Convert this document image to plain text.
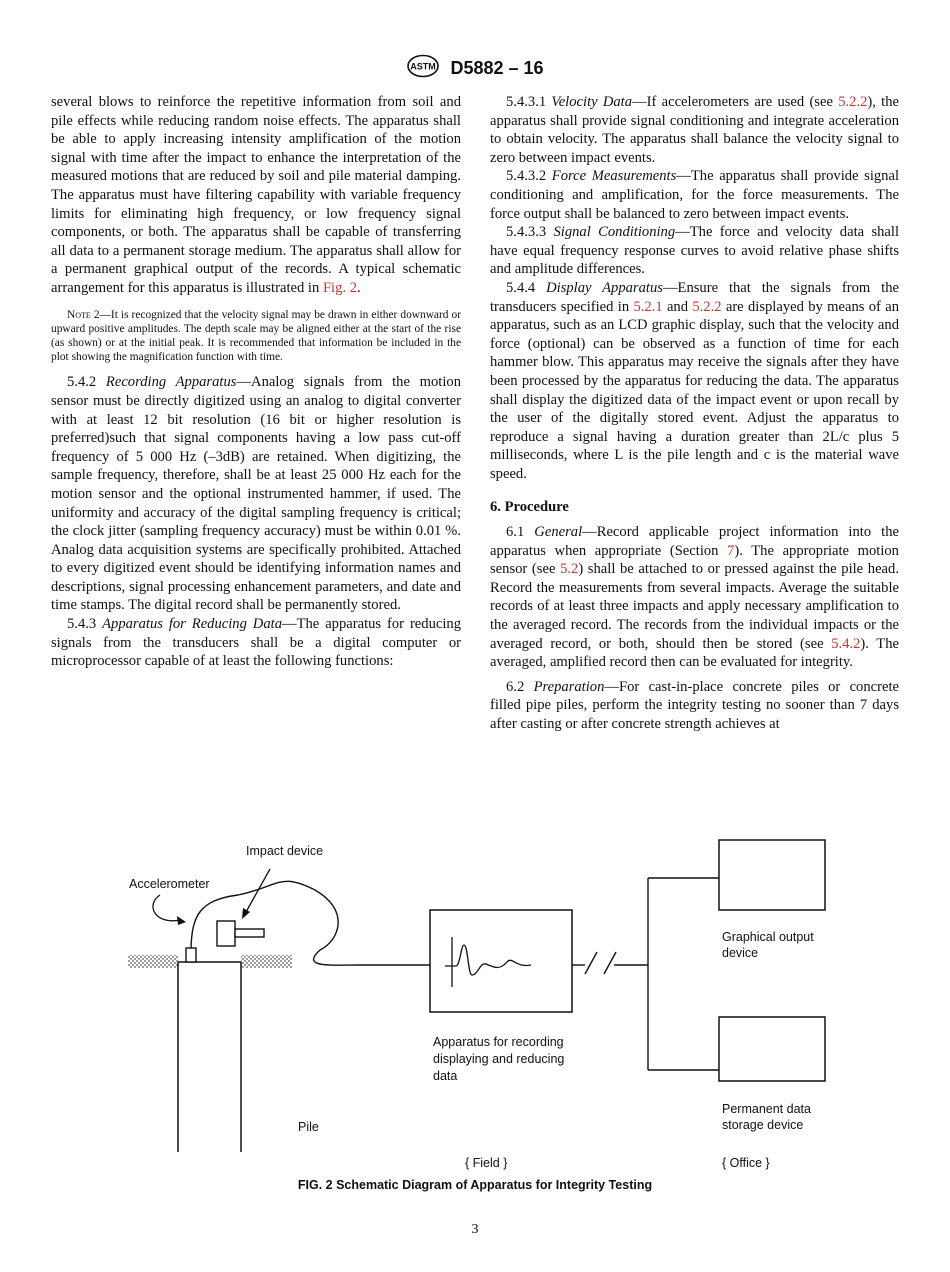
ASTM D5882 – 16

several blows to reinforce the repetitive information from soil and pile effects while reducing random noise effects. The apparatus shall be able to apply increasing intensity amplification of the motion signal with time after the impact to enhance the interpretation of the measured motions that are reduced by soil and pile material damping. The apparatus must have filtering capability with variable frequency limits for eliminating high frequency, or low frequency signal components, or both. The apparatus shall be capable of transferring all data to a permanent storage medium. The apparatus shall allow for a permanent graphical output of the records. A typical schematic arrangement for this apparatus is illustrated in Fig. 2.

Note 2—It is recognized that the velocity signal may be drawn in either downward or upward positive amplitudes. The depth scale may be aligned either at the start of the rise (as shown) or at the initial peak. It is recommended that information be included in the plot showing the magnification function with time.

5.4.2 Recording Apparatus—Analog signals from the motion sensor must be directly digitized using an analog to digital converter with at least 12 bit resolution (16 bit or higher resolution is preferred)such that signal components having a low pass cut-off frequency of 5 000 Hz (–3dB) are retained. When digitizing, the sample frequency, therefore, shall be at least 25 000 Hz each for the motion sensor and the optional instrumented hammer, if used. The uniformity and accuracy of the digital sampling frequency is critical; the clock jitter (sampling frequency accuracy) must be within 0.01 %. Analog data acquisition systems are specifically prohibited. Attached to every digitized event should be identifying information names and descriptions, signal processing enhancement parameters, and date and time stamps. The digital record shall be permanently stored.

5.4.3 Apparatus for Reducing Data—The apparatus for reducing signals from the transducers shall be a digital computer or microprocessor capable of at least the following functions:

5.4.3.1 Velocity Data—If accelerometers are used (see 5.2.2), the apparatus shall provide signal conditioning and integrate acceleration to obtain velocity. The apparatus shall balance the velocity signal to zero between impact events.

5.4.3.2 Force Measurements—The apparatus shall provide signal conditioning and amplification, for the force measurements. The force output shall be balanced to zero between impact events.

5.4.3.3 Signal Conditioning—The force and velocity data shall have equal frequency response curves to avoid relative phase shifts and amplitude differences.

5.4.4 Display Apparatus—Ensure that the signals from the transducers specified in 5.2.1 and 5.2.2 are displayed by means of an apparatus, such as an LCD graphic display, such that the velocity and force (optional) can be observed as a function of time for each hammer blow. This apparatus may receive the signals after they have been processed by the apparatus for reducing the data. The apparatus shall display the digitized data of the impact event or upon recall by the user of the digitally stored event. Adjust the apparatus to reproduce a signal having a duration greater than 2L/c plus 5 milliseconds, where L is the pile length and c is the material wave speed.

6. Procedure

6.1 General—Record applicable project information into the apparatus when appropriate (Section 7). The appropriate motion sensor (see 5.2) shall be attached to or pressed against the pile head. Record the measurements from several impacts. Average the suitable records of at least three impacts and apply necessary amplification to the averaged record. The records from the individual impacts or the averaged record, or both, should then be stored (see 5.4.2). The averaged, amplified record then can be evaluated for integrity.

6.2 Preparation—For cast-in-place concrete piles or concrete filled pipe piles, perform the integrity testing no sooner than 7 days after casting or after concrete strength achieves at

Impact device
Accelerometer
Graphical output
device
Apparatus for recording
displaying and reducing
data
Pile
Permanent data
storage device
{ Field }	{ Office }
FIG. 2 Schematic Diagram of Apparatus for Integrity Testing
3
